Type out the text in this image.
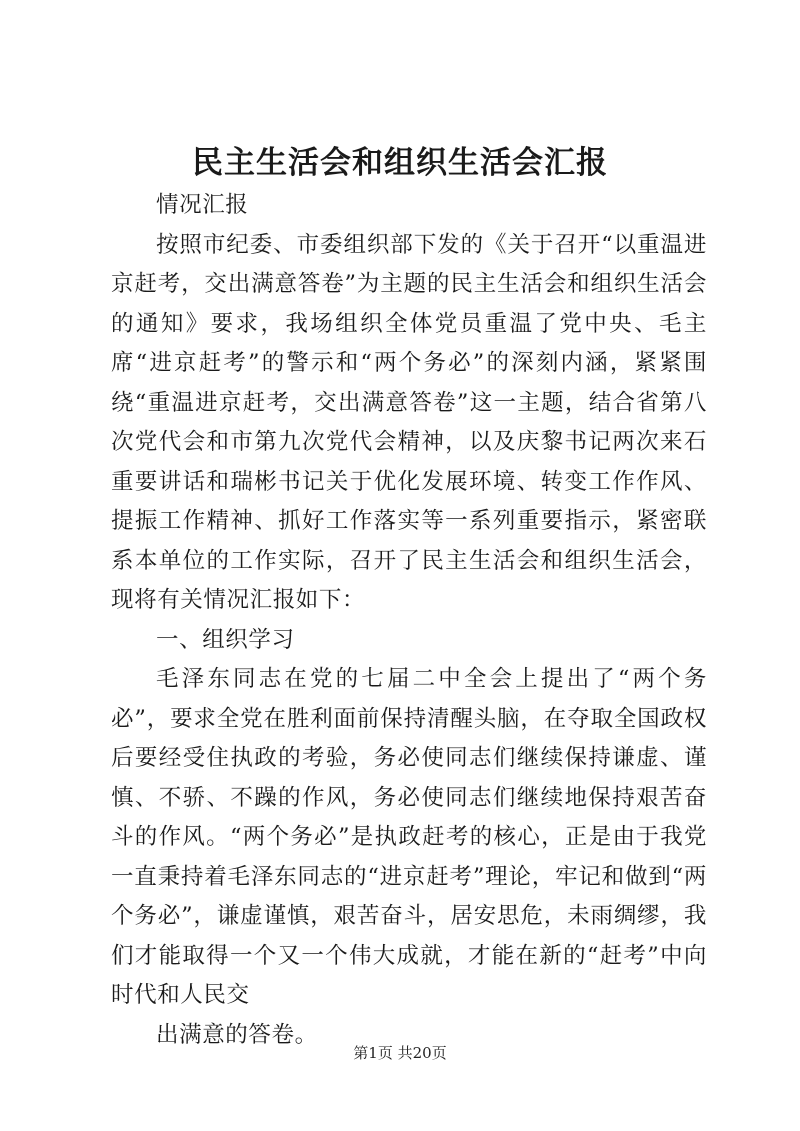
民主生活会和组织生活会汇报

情况汇报

按照市纪委、市委组织部下发的《关于召开“以重温进京赶考，交出满意答卷”为主题的民主生活会和组织生活会的通知》要求，我场组织全体党员重温了党中央、毛主席“进京赶考”的警示和“两个务必”的深刻内涵，紧紧围绕“重温进京赶考，交出满意答卷”这一主题，结合省第八次党代会和市第九次党代会精神，以及庆黎书记两次来石重要讲话和瑞彬书记关于优化发展环境、转变工作作风、提振工作精神、抓好工作落实等一系列重要指示，紧密联系本单位的工作实际，召开了民主生活会和组织生活会，现将有关情况汇报如下：

一、组织学习

毛泽东同志在党的七届二中全会上提出了“两个务必”，要求全党在胜利面前保持清醒头脑，在夺取全国政权后要经受住执政的考验，务必使同志们继续保持谦虚、谨慎、不骄、不躁的作风，务必使同志们继续地保持艰苦奋斗的作风。“两个务必”是执政赶考的核心，正是由于我党一直秉持着毛泽东同志的“进京赶考”理论，牢记和做到“两个务必”，谦虚谨慎，艰苦奋斗，居安思危，未雨绸缪，我们才能取得一个又一个伟大成就，才能在新的“赶考”中向时代和人民交

出满意的答卷。

第1页 共20页
